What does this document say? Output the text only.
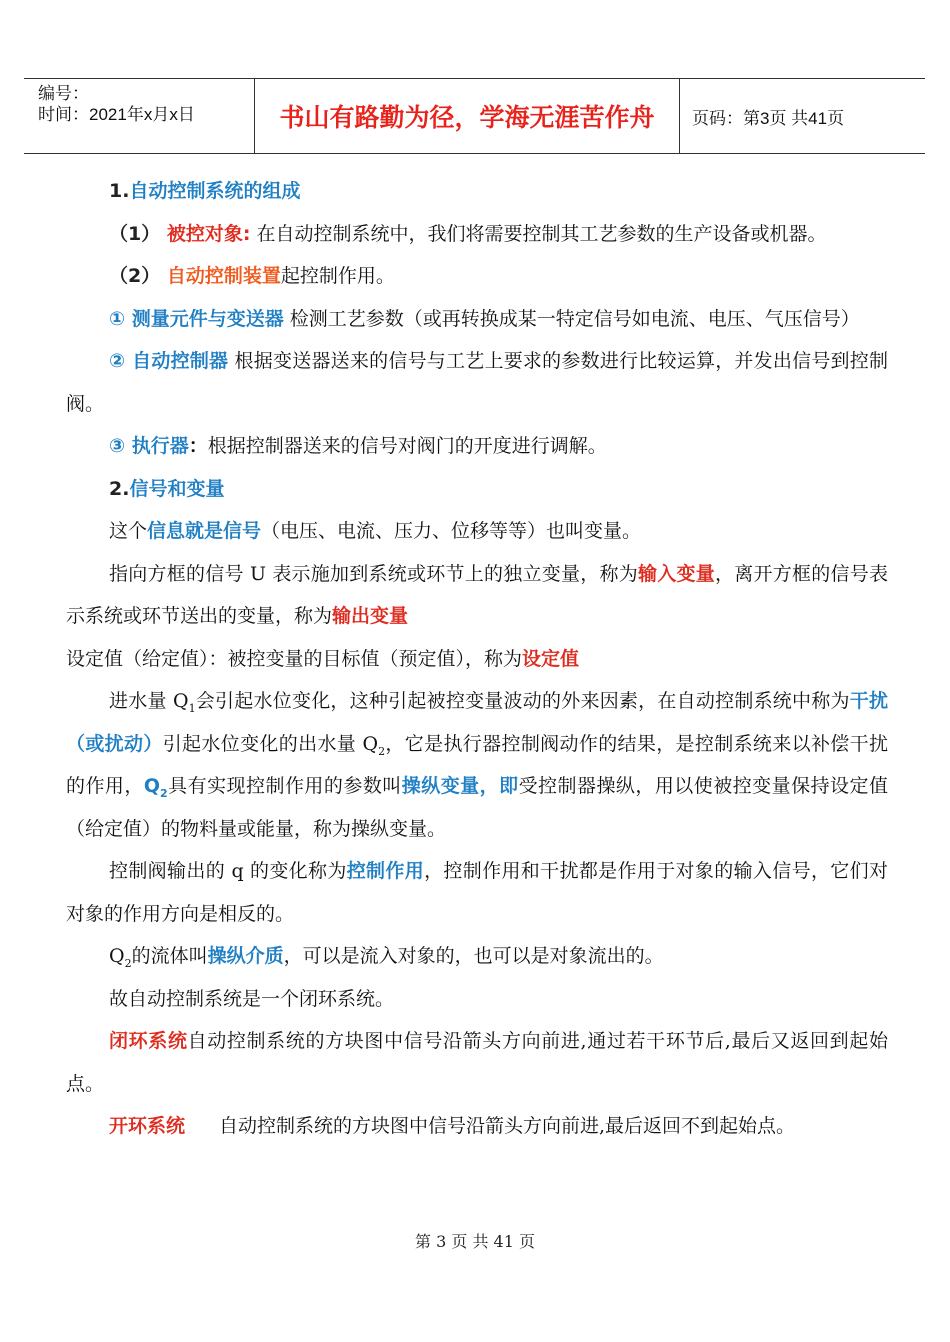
编号：
时间：2021年x月x日	书山有路勤为径，学海无涯苦作舟	页码：第3页 共41页

1.自动控制系统的组成

（1） 被控对象: 在自动控制系统中，我们将需要控制其工艺参数的生产设备或机器。

（2） 自动控制装置起控制作用。

① 测量元件与变送器 检测工艺参数（或再转换成某一特定信号如电流、电压、气压信号）

② 自动控制器 根据变送器送来的信号与工艺上要求的参数进行比较运算，并发出信号到控制阀。

③ 执行器：根据控制器送来的信号对阀门的开度进行调解。

2.信号和变量

这个信息就是信号（电压、电流、压力、位移等等）也叫变量。

指向方框的信号 U 表示施加到系统或环节上的独立变量，称为输入变量，离开方框的信号表示系统或环节送出的变量，称为输出变量

设定值（给定值）：被控变量的目标值（预定值），称为设定值

进水量 $Q_1$会引起水位变化，这种引起被控变量波动的外来因素，在自动控制系统中称为干扰（或扰动）引起水位变化的出水量 $Q_2$，它是执行器控制阀动作的结果，是控制系统来以补偿干扰的作用，$Q_2$具有实现控制作用的参数叫操纵变量，即受控制器操纵，用以使被控变量保持设定值（给定值）的物料量或能量，称为操纵变量。

控制阀输出的 q 的变化称为控制作用，控制作用和干扰都是作用于对象的输入信号，它们对对象的作用方向是相反的。

$Q_2$的流体叫操纵介质，可以是流入对象的，也可以是对象流出的。

故自动控制系统是一个闭环系统。

闭环系统自动控制系统的方块图中信号沿箭头方向前进,通过若干环节后,最后又返回到起始点。

开环系统 自动控制系统的方块图中信号沿箭头方向前进,最后返回不到起始点。

第 3 页 共 41 页
